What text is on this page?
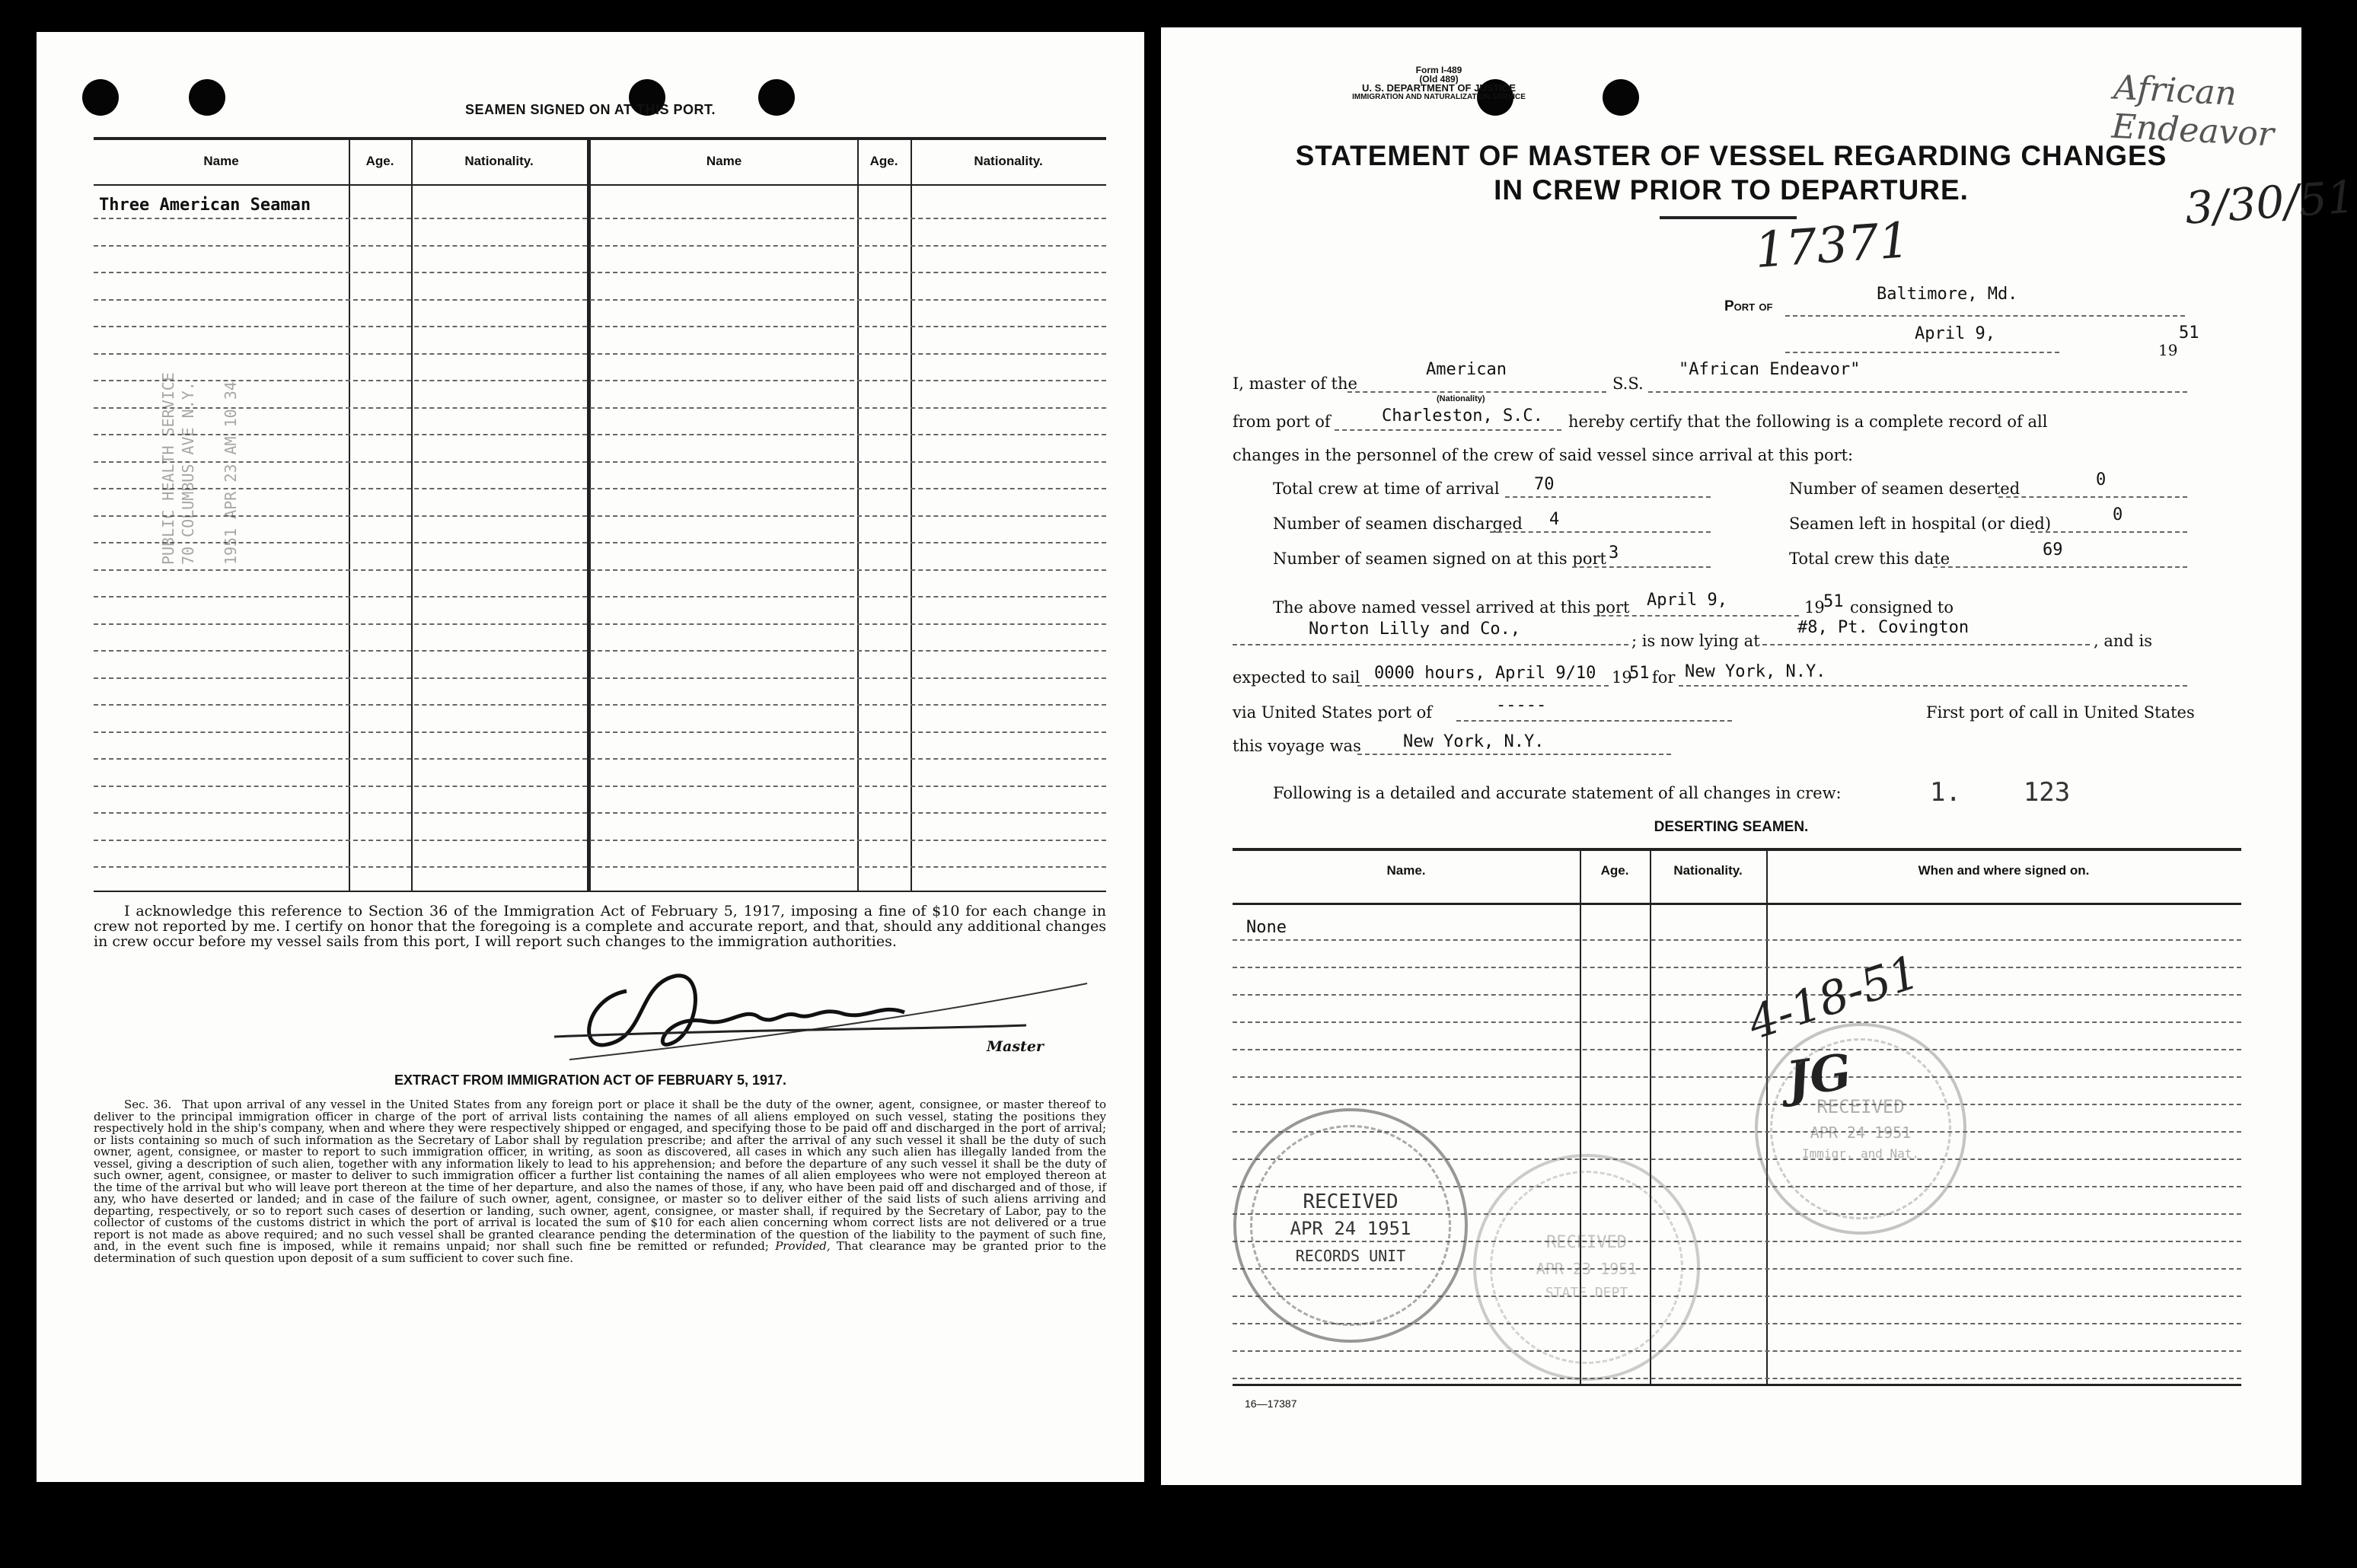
SEAMEN SIGNED ON AT THIS PORT.
Name	Age.	Nationality.	Name	Age.	Nationality.
Three American Seaman
PUBLIC HEALTH SERVICE 70 COLUMBUS AVE N.Y. 1951 APR 23 AM 10 34
I acknowledge this reference to Section 36 of the Immigration Act of February 5, 1917, imposing a fine of $10 for each change in crew not reported by me. I certify on honor that the foregoing is a complete and accurate report, and that, should any additional changes in crew occur before my vessel sails from this port, I will report such changes to the immigration authorities.
Master
EXTRACT FROM IMMIGRATION ACT OF FEBRUARY 5, 1917.
Sec. 36. That upon arrival of any vessel in the United States from any foreign port or place it shall be the duty of the owner, agent, consignee, or master thereof to deliver to the principal immigration officer in charge of the port of arrival lists containing the names of all aliens employed on such vessel, stating the positions they respectively hold in the ship's company, when and where they were respectively shipped or engaged, and specifying those to be paid off and discharged in the port of arrival; or lists containing so much of such information as the Secretary of Labor shall by regulation prescribe; and after the arrival of any such vessel it shall be the duty of such owner, agent, consignee, or master to report to such immigration officer, in writing, as soon as discovered, all cases in which any such alien has illegally landed from the vessel, giving a description of such alien, together with any information likely to lead to his apprehension; and before the departure of any such vessel it shall be the duty of such owner, agent, consignee, or master to deliver to such immigration officer a further list containing the names of all alien employees who were not employed thereon at the time of the arrival but who will leave port thereon at the time of her departure, and also the names of those, if any, who have been paid off and discharged and of those, if any, who have deserted or landed; and in case of the failure of such owner, agent, consignee, or master so to deliver either of the said lists of such aliens arriving and departing, respectively, or so to report such cases of desertion or landing, such owner, agent, consignee, or master shall, if required by the Secretary of Labor, pay to the collector of customs of the customs district in which the port of arrival is located the sum of $10 for each alien concerning whom correct lists are not delivered or a true report is not made as above required; and no such vessel shall be granted clearance pending the determination of the question of the liability to the payment of such fine, and, in the event such fine is imposed, while it remains unpaid; nor shall such fine be remitted or refunded; Provided, That clearance may be granted prior to the determination of such question upon deposit of a sum sufficient to cover such fine.
Form I-489
(Old 489)
U. S. DEPARTMENT OF JUSTICE
IMMIGRATION AND NATURALIZATION SERVICE
STATEMENT OF MASTER OF VESSEL REGARDING CHANGES
IN CREW PRIOR TO DEPARTURE.
African Endeavor
3/30/51
17371
Port of
Baltimore, Md.
April 9,
19
51
I, master of the
American
(Nationality)
S.S.
"African Endeavor"
from port of	Charleston, S.C. hereby certify that the following is a complete record of all
changes in the personnel of the crew of said vessel since arrival at this port:
Total crew at time of arrival 70	Number of seamen deserted	0
Number of seamen discharged 4	Seamen left in hospital (or died)	0
Number of seamen signed on at this port 3	Total crew this date	69
The above named vessel arrived at this port April 9,	19
51 consigned to
Norton Lilly and Co.,
; is now lying at
#8, Pt. Covington
, and is
expected to sail 0000 hours, April 9/10 19
51 for New York, N.Y.
via United States port of	-----	First port of call in United States
this voyage was	New York, N.Y.
Following is a detailed and accurate statement of all changes in crew:	1.    123
DESERTING SEAMEN.
Name.	Age.	Nationality.	When and where signed on.
None
4-18-51
JG
RECEIVED
APR 24 1951
RECORDS UNIT
RECEIVED
APR 23 1951
STATE DEPT
RECEIVED
APR 24 1951
Immigr. and Nat.
16—17387
